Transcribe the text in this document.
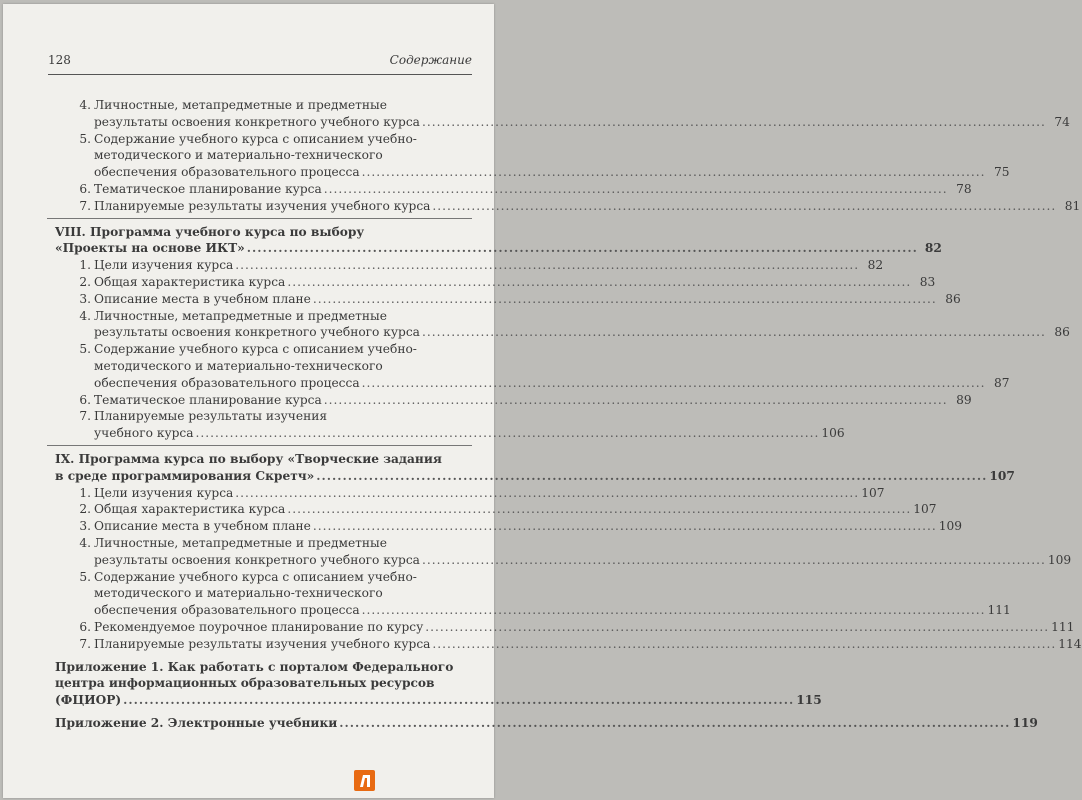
128	Содержание
4. Личностные, метапредметные и предметные
результаты освоения конкретного учебного курса .....	74
5. Содержание учебного курса с описанием учебно-
методического и материально-технического
обеспечения образовательного процесса .....	75
6. Тематическое планирование курса .....	78
7. Планируемые результаты изучения учебного курса .....	81
VIII. Программа учебного курса по выбору
«Проекты на основе ИКТ» .....	82
1. Цели изучения курса .....	82
2. Общая характеристика курса .....	83
3. Описание места в учебном плане .....	86
4. Личностные, метапредметные и предметные
результаты освоения конкретного учебного курса .....	86
5. Содержание учебного курса с описанием учебно-
методического и материально-технического
обеспечения образовательного процесса .....	87
6. Тематическое планирование курса .....	89
7. Планируемые результаты изучения
учебного курса .....	106
IX. Программа курса по выбору «Творческие задания
в среде программирования Скретч» .....	107
1. Цели изучения курса .....	107
2. Общая характеристика курса .....	107
3. Описание места в учебном плане .....	109
4. Личностные, метапредметные и предметные
результаты освоения конкретного учебного курса .....	109
5. Содержание учебного курса с описанием учебно-
методического и материально-технического
обеспечения образовательного процесса .....	111
6. Рекомендуемое поурочное планирование по курсу .....	111
7. Планируемые результаты изучения учебного курса .....	114
Приложение 1. Как работать с порталом Федерального
центра информационных образовательных ресурсов
(ФЦИОР) .....	115
Приложение 2. Электронные учебники .....	119
